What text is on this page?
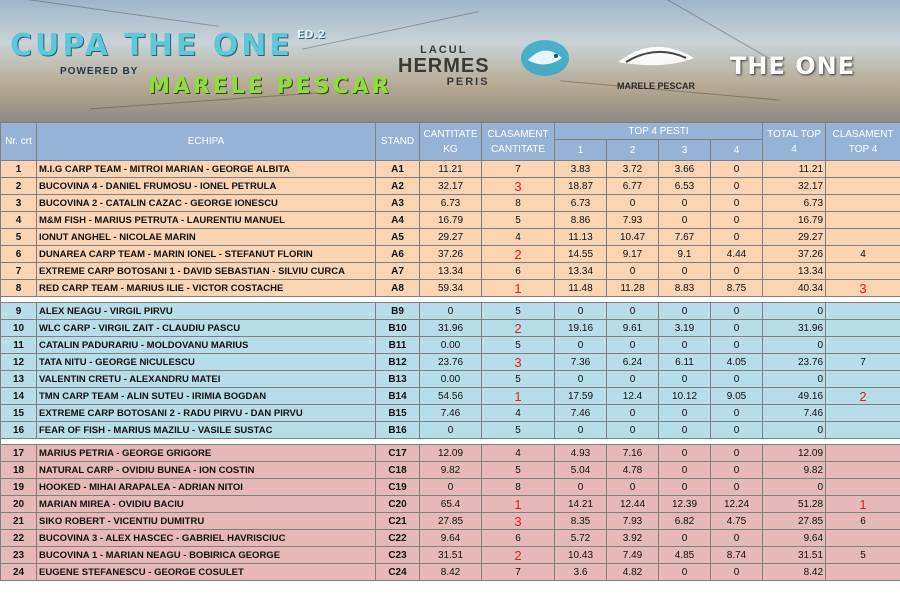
CUPA THE ONE $^{ED.2}$
POWERED BY
MARELE PESCAR
LACUL
HERMES
PERIS	MARELE PESCAR
THE ONE
Nr. crt	ECHIPA	STAND	CANTITATE KG	CLASAMENT CANTITATE	TOP 4 PESTI				TOTAL TOP 4	CLASAMENT TOP 4
					1	2	3	4		
1	M.I.G CARP TEAM - MITROI MARIAN - GEORGE ALBITA	A1	11.21	7	3.83	3.72	3.66	0	11.21	
2	BUCOVINA 4 - DANIEL FRUMOSU - IONEL PETRULA	A2	32.17	3	18.87	6.77	6.53	0	32.17	
3	BUCOVINA 2 - CATALIN CAZAC - GEORGE IONESCU	A3	6.73	8	6.73	0	0	0	6.73	
4	M&M FISH - MARIUS PETRUTA - LAURENTIU MANUEL	A4	16.79	5	8.86	7.93	0	0	16.79	
5	IONUT ANGHEL - NICOLAE MARIN	A5	29.27	4	11.13	10.47	7.67	0	29.27	
6	DUNAREA CARP TEAM - MARIN IONEL - STEFANUT FLORIN	A6	37.26	2	14.55	9.17	9.1	4.44	37.26	4
7	EXTREME CARP BOTOSANI 1 - DAVID SEBASTIAN - SILVIU CURCA	A7	13.34	6	13.34	0	0	0	13.34	
8	RED CARP TEAM - MARIUS ILIE - VICTOR COSTACHE	A8	59.34	1	11.48	11.28	8.83	8.75	40.34	3

9	ALEX NEAGU - VIRGIL PIRVU	B9	0	5	0	0	0	0	0	
10	WLC CARP - VIRGIL ZAIT - CLAUDIU PASCU	B10	31.96	2	19.16	9.61	3.19	0	31.96	
11	CATALIN PADURARIU - MOLDOVANU MARIUS	B11	0.00	5	0	0	0	0	0	
12	TATA NITU - GEORGE NICULESCU	B12	23.76	3	7.36	6.24	6.11	4.05	23.76	7
13	VALENTIN CRETU - ALEXANDRU MATEI	B13	0.00	5	0	0	0	0	0	
14	TMN CARP TEAM - ALIN SUTEU - IRIMIA BOGDAN	B14	54.56	1	17.59	12.4	10.12	9.05	49.16	2
15	EXTREME CARP BOTOSANI 2 - RADU PIRVU - DAN PIRVU	B15	7.46	4	7.46	0	0	0	7.46	
16	FEAR OF FISH - MARIUS MAZILU - VASILE SUSTAC	B16	0	5	0	0	0	0	0	

17	MARIUS PETRIA - GEORGE GRIGORE	C17	12.09	4	4.93	7.16	0	0	12.09	
18	NATURAL CARP - OVIDIU BUNEA - ION COSTIN	C18	9.82	5	5.04	4.78	0	0	9.82	
19	HOOKED - MIHAI ARAPALEA - ADRIAN NITOI	C19	0	8	0	0	0	0	0	
20	MARIAN MIREA - OVIDIU BACIU	C20	65.4	1	14.21	12.44	12.39	12.24	51.28	1
21	SIKO ROBERT - VICENTIU DUMITRU	C21	27.85	3	8.35	7.93	6.82	4.75	27.85	6
22	BUCOVINA 3 - ALEX HASCEC - GABRIEL HAVRISCIUC	C22	9.64	6	5.72	3.92	0	0	9.64	
23	BUCOVINA 1 - MARIAN NEAGU - BOBIRICA GEORGE	C23	31.51	2	10.43	7.49	4.85	8.74	31.51	5
24	EUGENE STEFANESCU - GEORGE COSULET	C24	8.42	7	3.6	4.82	0	0	8.42	
